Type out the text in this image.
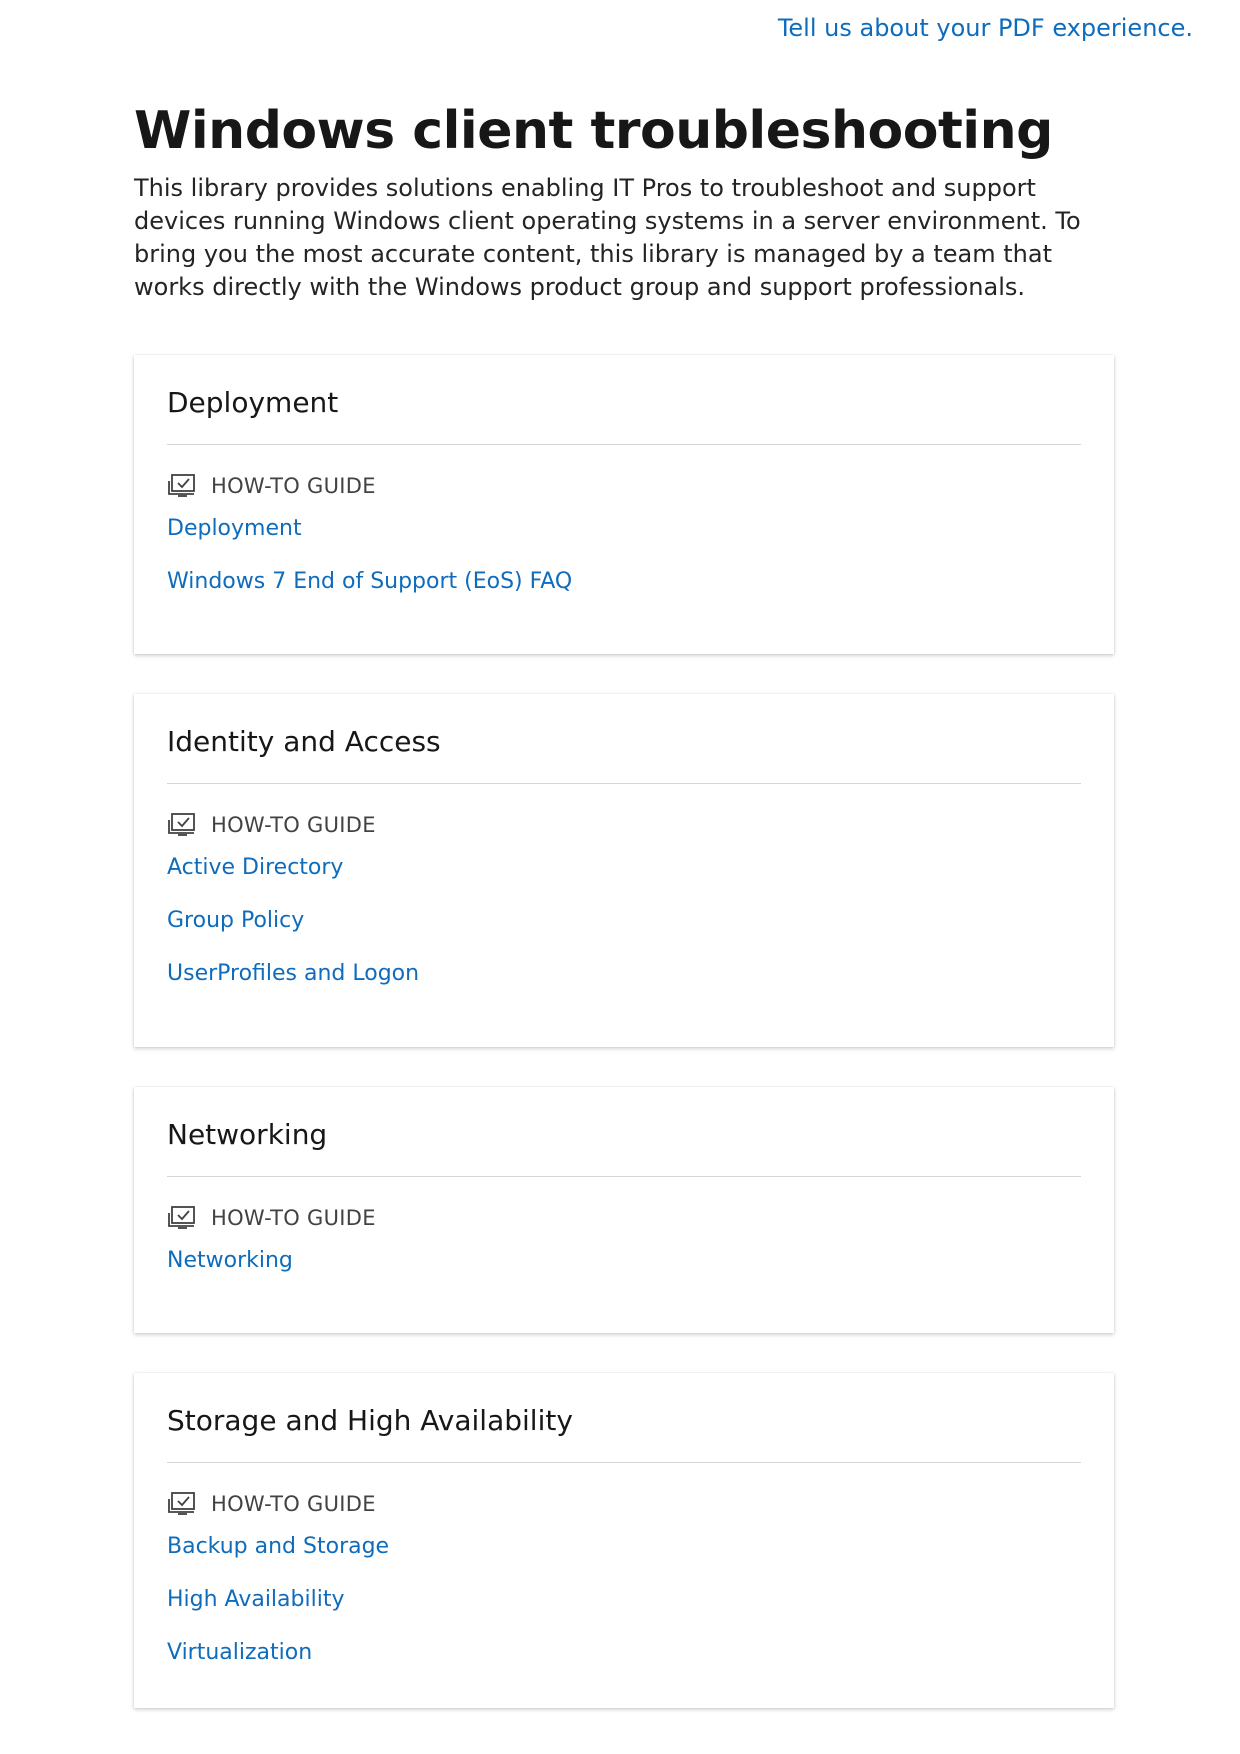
Tell us about your PDF experience.
Windows client troubleshooting

This library provides solutions enabling IT Pros to troubleshoot and support devices running Windows client operating systems in a server environment. To bring you the most accurate content, this library is managed by a team that works directly with the Windows product group and support professionals.

Deployment
HOW-TO GUIDE
Deployment
Windows 7 End of Support (EoS) FAQ
Identity and Access
HOW-TO GUIDE
Active Directory
Group Policy
UserProfiles and Logon
Networking
HOW-TO GUIDE
Networking
Storage and High Availability
HOW-TO GUIDE
Backup and Storage
High Availability
Virtualization
